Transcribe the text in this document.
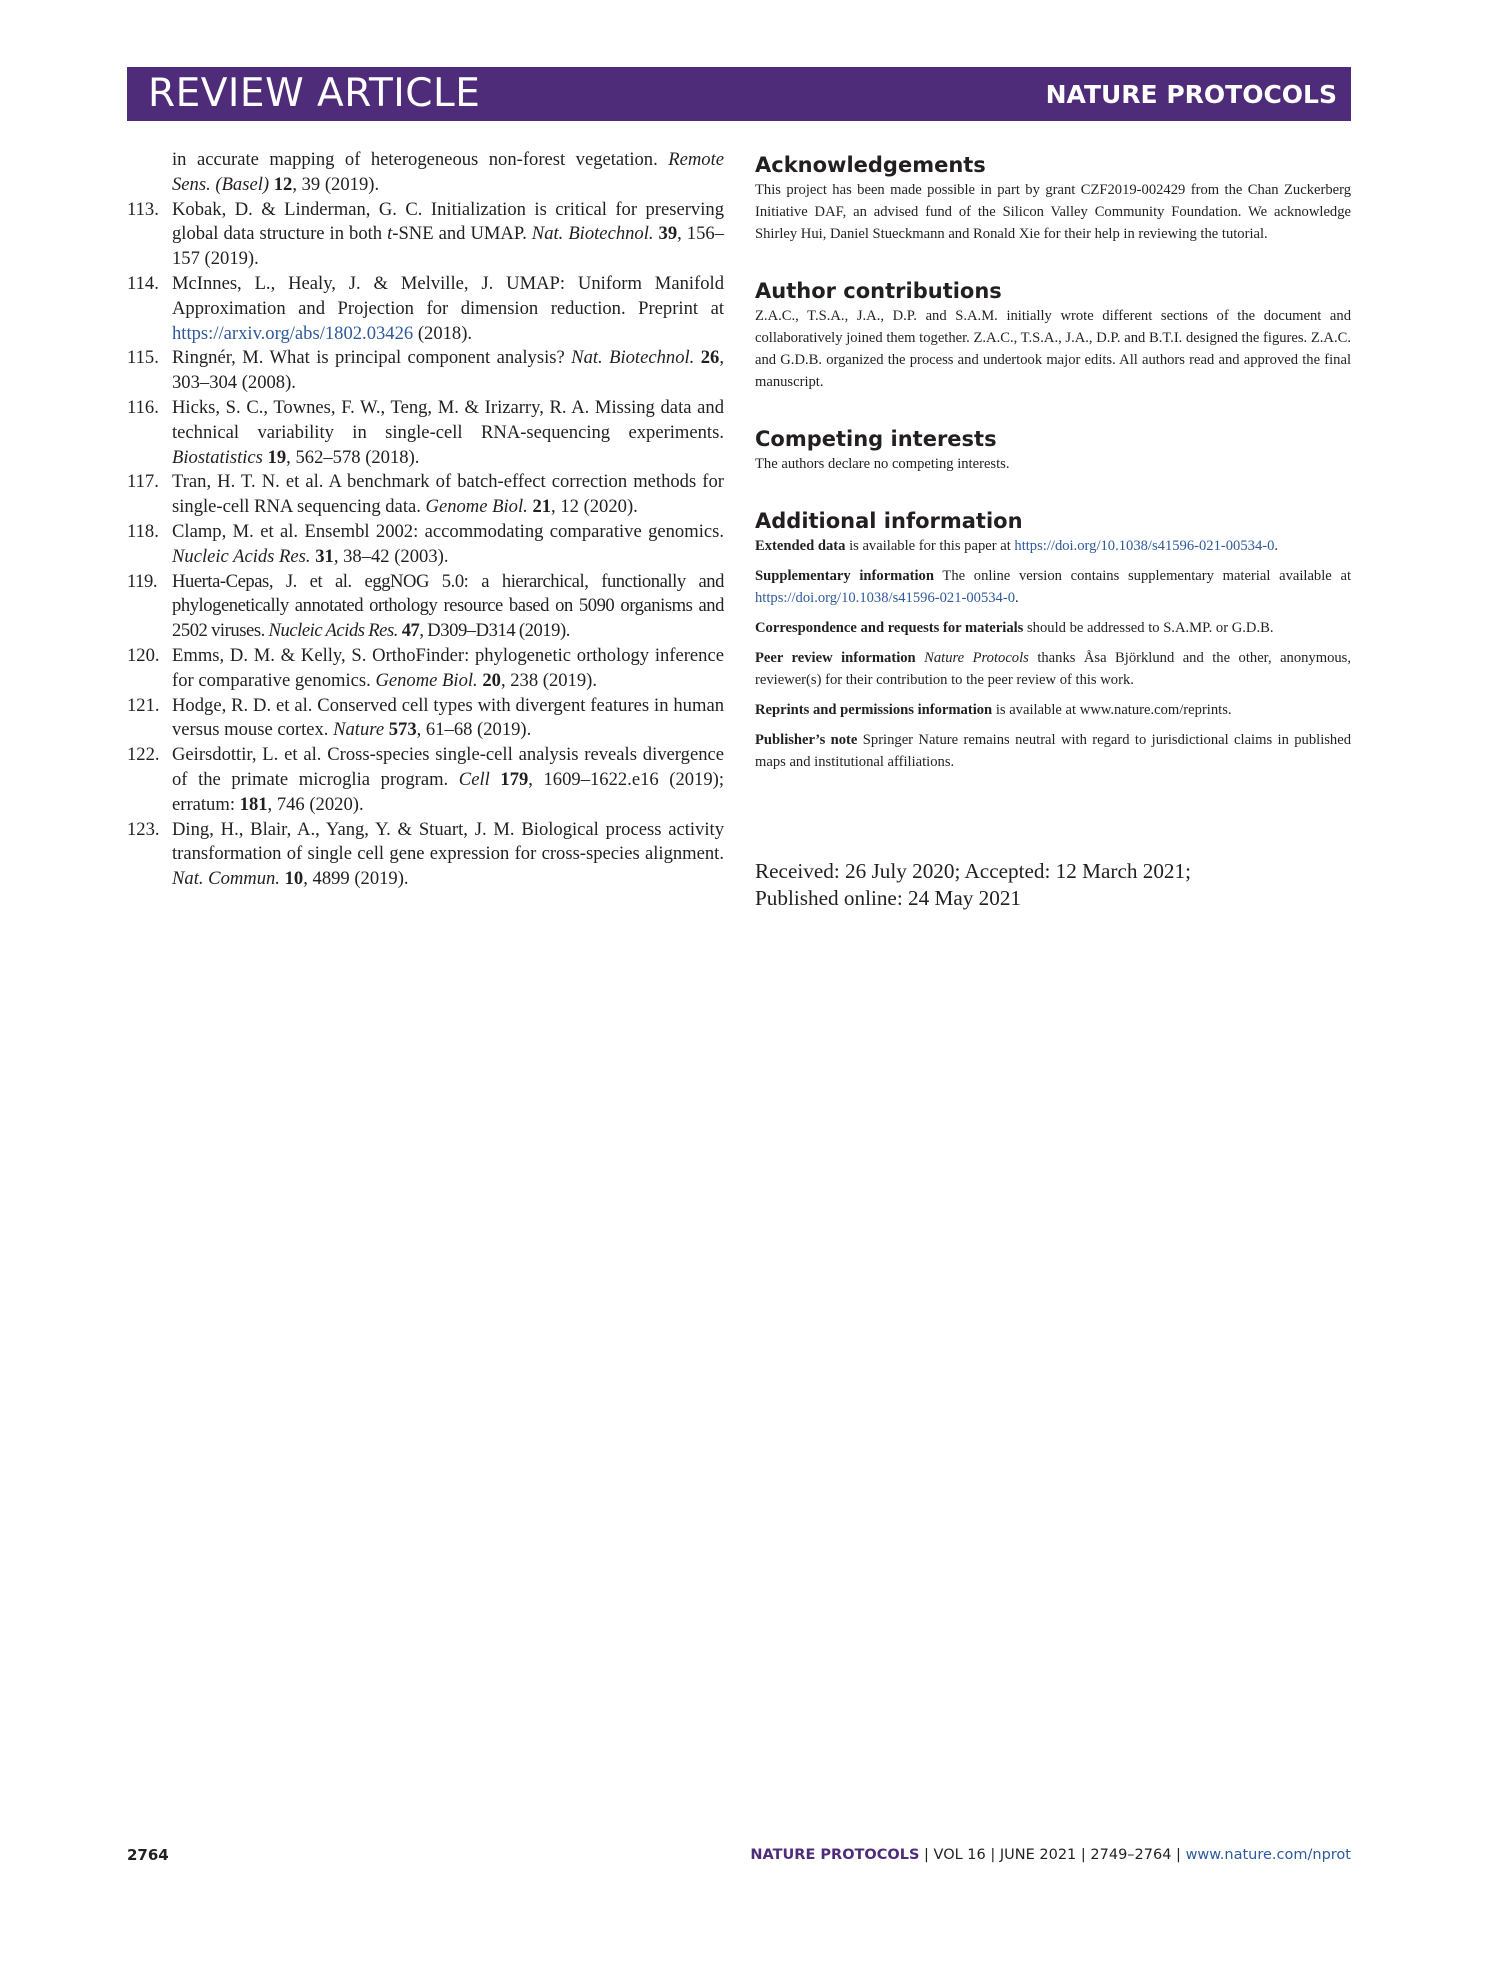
REVIEW ARTICLE	NATURE PROTOCOLS
in accurate mapping of heterogeneous non-forest vegetation. Remote Sens. (Basel) 12, 39 (2019).
113. Kobak, D. & Linderman, G. C. Initialization is critical for preserving global data structure in both t-SNE and UMAP. Nat. Biotechnol. 39, 156–157 (2019).
114. McInnes, L., Healy, J. & Melville, J. UMAP: Uniform Manifold Approximation and Projection for dimension reduction. Preprint at https://arxiv.org/abs/1802.03426 (2018).
115. Ringnér, M. What is principal component analysis? Nat. Biotechnol. 26, 303–304 (2008).
116. Hicks, S. C., Townes, F. W., Teng, M. & Irizarry, R. A. Missing data and technical variability in single-cell RNA-sequencing experiments. Biostatistics 19, 562–578 (2018).
117. Tran, H. T. N. et al. A benchmark of batch-effect correction methods for single-cell RNA sequencing data. Genome Biol. 21, 12 (2020).
118. Clamp, M. et al. Ensembl 2002: accommodating comparative genomics. Nucleic Acids Res. 31, 38–42 (2003).
119. Huerta-Cepas, J. et al. eggNOG 5.0: a hierarchical, functionally and phylogenetically annotated orthology resource based on 5090 organisms and 2502 viruses. Nucleic Acids Res. 47, D309–D314 (2019).
120. Emms, D. M. & Kelly, S. OrthoFinder: phylogenetic orthology inference for comparative genomics. Genome Biol. 20, 238 (2019).
121. Hodge, R. D. et al. Conserved cell types with divergent features in human versus mouse cortex. Nature 573, 61–68 (2019).
122. Geirsdottir, L. et al. Cross-species single-cell analysis reveals divergence of the primate microglia program. Cell 179, 1609–1622.e16 (2019); erratum: 181, 746 (2020).
123. Ding, H., Blair, A., Yang, Y. & Stuart, J. M. Biological process activity transformation of single cell gene expression for cross-species alignment. Nat. Commun. 10, 4899 (2019).
Acknowledgements

This project has been made possible in part by grant CZF2019-002429 from the Chan Zuckerberg Initiative DAF, an advised fund of the Silicon Valley Community Foundation. We acknowledge Shirley Hui, Daniel Stueckmann and Ronald Xie for their help in reviewing the tutorial.

Author contributions

Z.A.C., T.S.A., J.A., D.P. and S.A.M. initially wrote different sections of the document and collaboratively joined them together. Z.A.C., T.S.A., J.A., D.P. and B.T.I. designed the figures. Z.A.C. and G.D.B. organized the process and undertook major edits. All authors read and approved the final manuscript.

Competing interests

The authors declare no competing interests.

Additional information

Extended data is available for this paper at https://doi.org/10.1038/s41596-021-00534-0.

Supplementary information The online version contains supplementary material available at https://doi.org/10.1038/s41596-021-00534-0.

Correspondence and requests for materials should be addressed to S.A.MP. or G.D.B.

Peer review information Nature Protocols thanks Åsa Björklund and the other, anonymous, reviewer(s) for their contribution to the peer review of this work.

Reprints and permissions information is available at www.nature.com/reprints.

Publisher’s note Springer Nature remains neutral with regard to jurisdictional claims in published maps and institutional affiliations.

Received: 26 July 2020; Accepted: 12 March 2021;
Published online: 24 May 2021
2764	NATURE PROTOCOLS | VOL 16 | JUNE 2021 | 2749–2764 | www.nature.com/nprot
